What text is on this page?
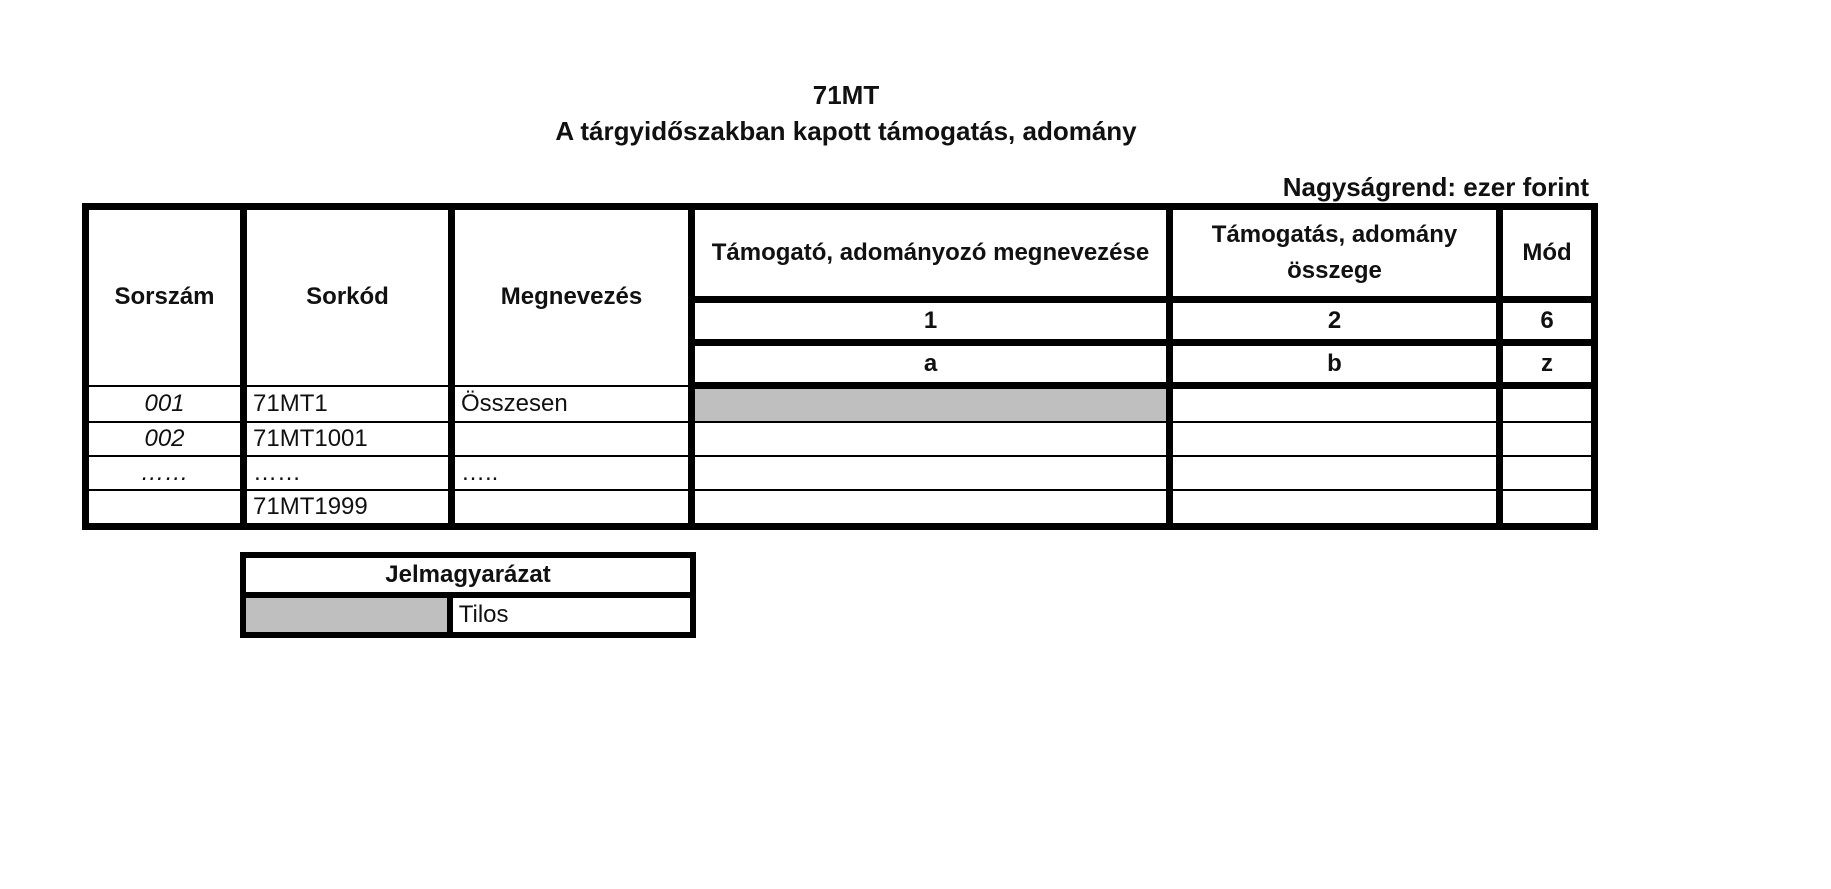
71MT
A tárgyidőszakban kapott támogatás, adomány
Nagyságrend: ezer forint
Sorszám	Sorkód	Megnevezés	Támogató, adományozó megnevezése	Támogatás, adomány összege	Mód
			1	2	6
			a	b	z
001	71MT1	Összesen			
002	71MT1001				
……	……	…..			
	71MT1999				
Jelmagyarázat
	Tilos
